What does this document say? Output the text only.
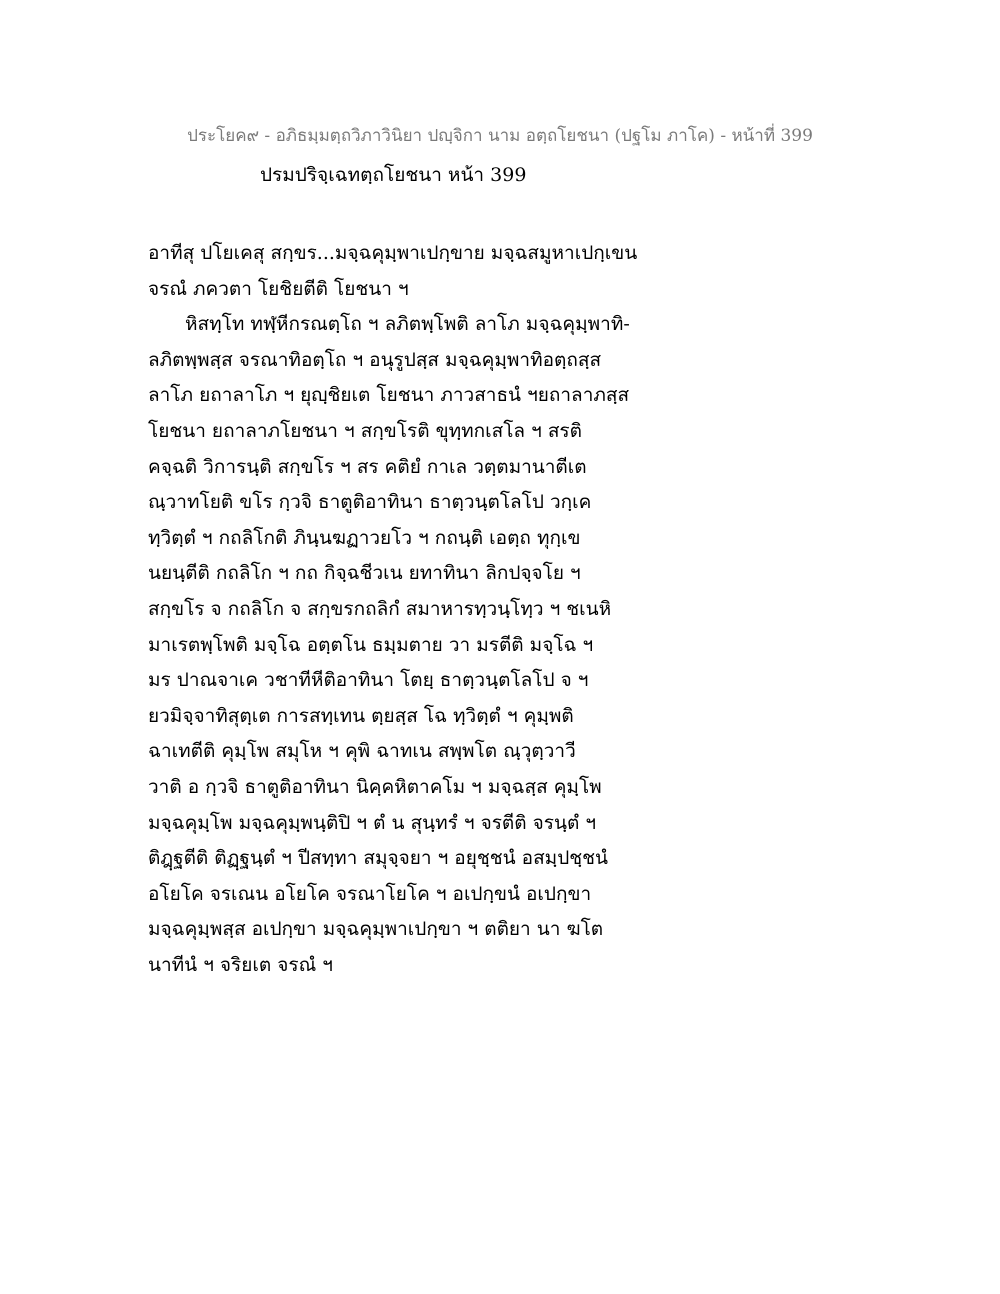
ประโยค๙ - อภิธมฺมตฺถวิภาวินิยา ปญฺจิกา นาม อตฺถโยชนา (ปฐโม ภาโค) - หน้าที่ 399
ปรมปริจฺเฉทตฺถโยชนา หน้า 399
อาทีสุ ปโยเคสุ สกฺขร...มจฺฉคุมฺพาเปกฺขาย มจฺฉสมูหาเปกฺเขน
จรณํ ภควตา โยชิยตีติ โยชนา ฯ
หิสทฺโท ทฬฺหีกรณตฺโถ ฯ ลภิตพฺโพติ ลาโภ มจฺฉคุมฺพาทิ-
ลภิตพฺพสฺส จรณาทิอตฺโถ ฯ อนุรูปสฺส มจฺฉคุมฺพาทิอตฺถสฺส
ลาโภ ยถาลาโภ ฯ ยุญฺชิยเต โยชนา ภาวสาธนํ ฯยถาลาภสฺส
โยชนา ยถาลาภโยชนา ฯ สกฺขโรติ ขุทฺทกเสโล ฯ สรติ
คจฺฉติ วิการนฺติ สกฺขโร ฯ สร คติยํ กาเล วตฺตมานาตีเต
ณฺวาทโยติ ขโร กฺวจิ ธาตูติอาทินา ธาตฺวนฺตโลโป วกฺเค
ทฺวิตฺตํ ฯ กถลิโกติ ภินฺนฆฏาวยโว ฯ กถนฺติ เอตฺถ ทุกฺเข
นยนฺตีติ กถลิโก ฯ กถ กิจฺฉชีวเน ยทาทินา ลิกปจฺจโย ฯ
สกฺขโร จ กถลิโก จ สกฺขรกถลิกํ สมาหารทฺวนฺโทฺว ฯ ชเนหิ
มาเรตพฺโพติ มจฺโฉ อตฺตโน ธมฺมตาย วา มรตีติ มจฺโฉ ฯ
มร ปาณจาเค วชาทีหีติอาทินา โตยฺ ธาตฺวนฺตโลโป จ ฯ
ยวมิจฺจาทิสุตฺเต การสทฺเทน ตฺยสฺส โฉ ทฺวิตฺตํ ฯ คุมฺพติ
ฉาเทตีติ คุมฺโพ สมุโห ฯ คุพิ ฉาทเน สพฺพโต ณฺวุตฺวาวี
วาติ อ กฺวจิ ธาตูติอาทินา นิคฺคหิตาคโม ฯ มจฺฉสฺส คุมฺโพ
มจฺฉคุมฺโพ มจฺฉคุมฺพนฺติปิ ฯ ตํ น สุนฺทรํ ฯ จรตีติ จรนฺตํ ฯ
ติฎฺฐตีติ ติฏฺฐนฺตํ ฯ ปีสทฺทา สมุจฺจยา ฯ อยุชฺชนํ อสมฺปชฺชนํ
อโยโค จรเณน อโยโค จรณาโยโค ฯ อเปกฺขนํ อเปกฺขา
มจฺฉคุมฺพสฺส อเปกฺขา มจฺฉคุมฺพาเปกฺขา ฯ ตติยา นา ฆโต
นาทีนํ ฯ จริยเต จรณํ ฯ
